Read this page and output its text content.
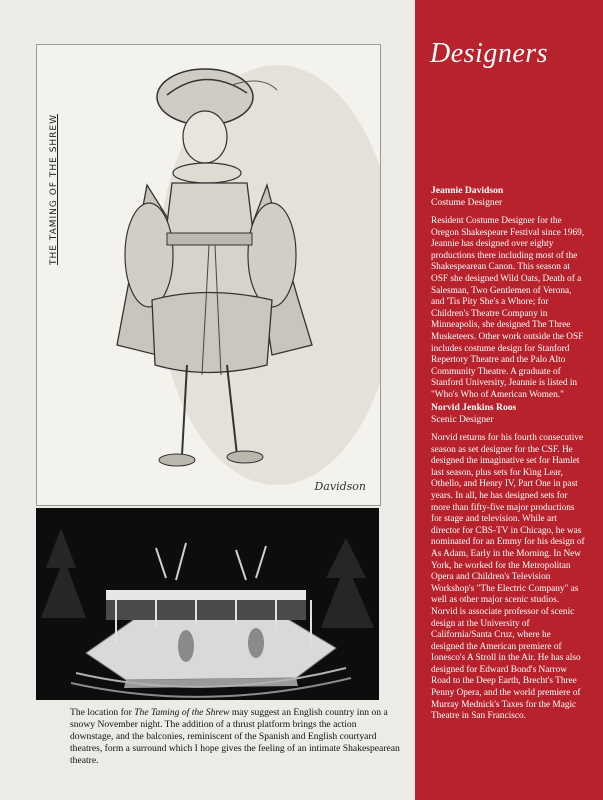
THE TAMING OF THE SHREW
Davidson
The location for The Taming of the Shrew may suggest an English country inn on a snowy November night. The addition of a thrust platform brings the action downstage, and the balconies, reminiscent of the Spanish and English courtyard theatres, form a surround which I hope gives the feeling of an intimate Shakespearean theatre.
Designers
Jeannie Davidson
Costume Designer
Resident Costume Designer for the Oregon Shakespeare Festival since 1969, Jeannie has designed over eighty productions there including most of the Shakespearean Canon. This season at OSF she designed Wild Oats, Death of a Salesman, Two Gentlemen of Verona, and 'Tis Pity She's a Whore; for Children's Theatre Company in Minneapolis, she designed The Three Musketeers. Other work outside the OSF includes costume design for Stanford Repertory Theatre and the Palo Alto Community Theatre. A graduate of Stanford University, Jeannie is listed in "Who's Who of American Women."
Norvid Jenkins Roos
Scenic Designer
Norvid returns for his fourth consecutive season as set designer for the CSF. He designed the imaginative set for Hamlet last season, plus sets for King Lear, Othello, and Henry IV, Part One in past years. In all, he has designed sets for more than fifty-five major productions for stage and television. While art director for CBS-TV in Chicago, he was nominated for an Emmy for his design of As Adam, Early in the Morning. In New York, he worked for the Metropolitan Opera and Children's Television Workshop's "The Electric Company" as well as other major scenic studios. Norvid is associate professor of scenic design at the University of California/Santa Cruz, where he designed the American premiere of Ionesco's A Stroll in the Air. He has also designed for Edward Bond's Narrow Road to the Deep Earth, Brecht's Three Penny Opera, and the world premiere of Murray Mednick's Taxes for the Magic Theatre in San Francisco.
